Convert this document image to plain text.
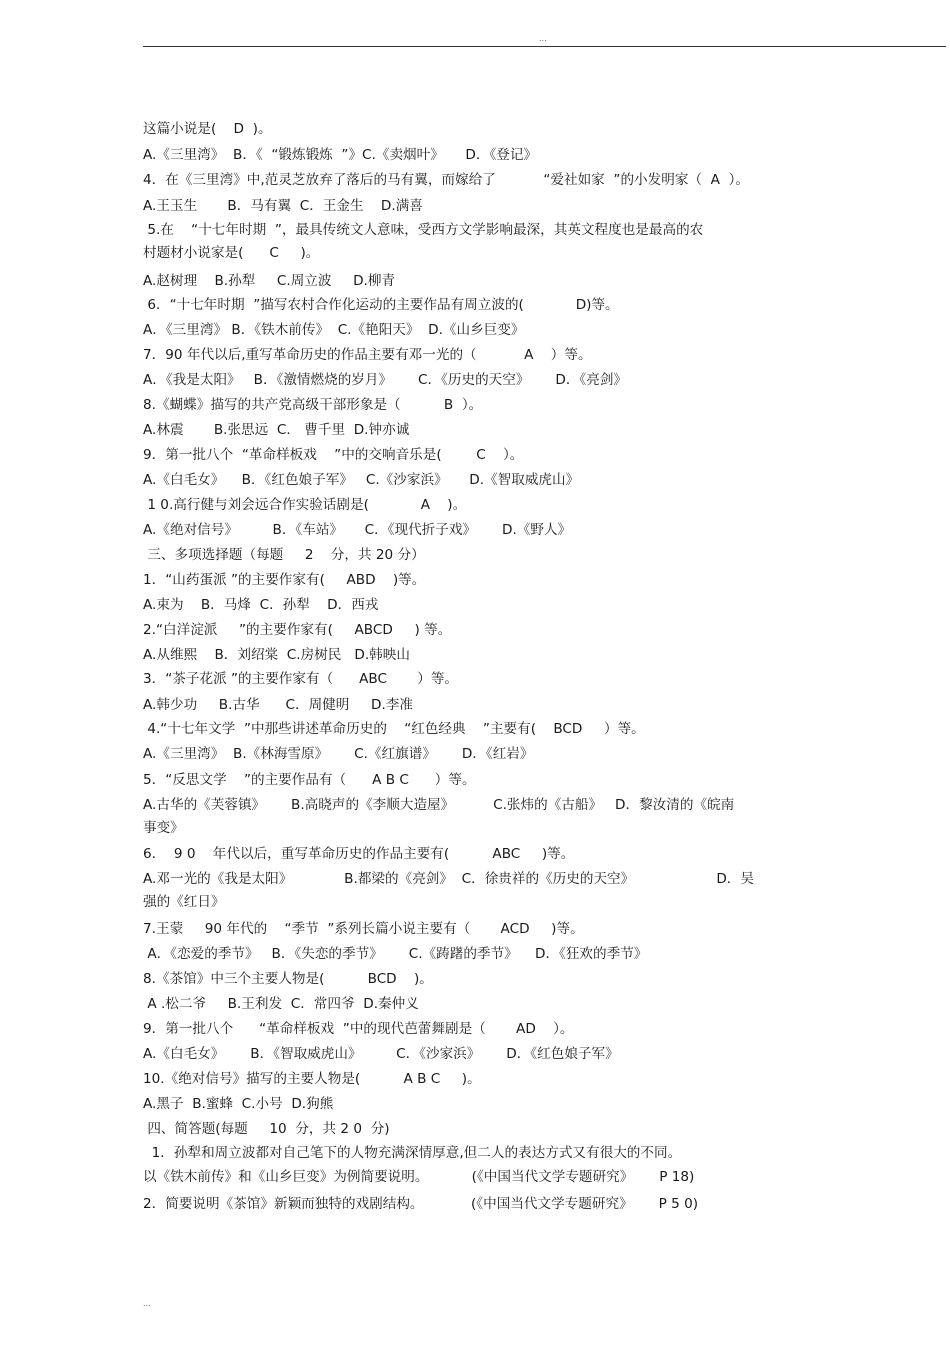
...
这篇小说是(    D  )。
A.《三里湾》  B．《  “锻炼锻炼  ”》C.《卖烟叶》     D．《登记》
4．在《三里湾》中,范灵芝放弃了落后的马有翼，而嫁给了           “爱社如家  ”的小发明家（  A  ）。
A.王玉生       B．马有翼  C．王金生    D.满喜
5.在    “十七年时期  ”，最具传统文人意味，受西方文学影响最深，其英文程度也是最高的农
村题材小说家是(      C     )。
A.赵树理    B.孙犁     C.周立波     D.柳青
6．“十七年时期  ”描写农村合作化运动的主要作品有周立波的(            D)等。
A．《三里湾》 B．《铁木前传》  C.《艳阳天》  D.《山乡巨变》
7．90 年代以后,重写革命历史的作品主要有邓一光的（           A    ）等。
A．《我是太阳》   B．《激情燃烧的岁月》      C．《历史的天空》      D．《亮剑》
8.《蝴蝶》描写的共产党高级干部形象是（          B  ）。
A.林震       B.张思远  C． 曹千里  D.钟亦诚
9．第一批八个  “革命样板戏    ”中的交响音乐是(        C    ）。
A.《白毛女》    B．《红色娘子军》   C.《沙家浜》     D.《智取威虎山》
1 0.高行健与刘会远合作实验话剧是(            A    )。
A.《绝对信号》        B．《车站》     C．《现代折子戏》      D.《野人》
三、多项选择题（每题     2    分，共 20 分）
1．“山药蛋派 ”的主要作家有(     ABD    )等。
A.束为    B．马烽  C．孙犁    D．西戎
2.“白洋淀派     ”的主要作家有(     ABCD     ) 等。
A.从维熙    B．刘绍棠  C.房树民   D.韩映山
3．“茶子花派 ”的主要作家有（      ABC       ）等。
A.韩少功     B.古华      C．周健明     D.李准
4.“十七年文学  ”中那些讲述革命历史的    “红色经典    ”主要有(    BCD     ）等。
A.《三里湾》  B.《林海雪原》      C.《红旗谱》      D．《红岩》
5．“反思文学    ”的主要作品有（      A B C      ）等。
A.古华的《芙蓉镇》      B.高晓声的《李顺大造屋》         C.张炜的《古船》   D．黎汝清的《皖南
事变》
6．  9 0    年代以后，重写革命历史的作品主要有(          ABC     )等。
A.邓一光的《我是太阳》            B.都梁的《亮剑》  C．徐贵祥的《历史的天空》                   D．吴
强的《红日》
7.王蒙     90 年代的    “季节  ”系列长篇小说主要有（       ACD     )等。
A．《恋爱的季节》   B．《失恋的季节》      C.《踌躇的季节》    D．《狂欢的季节》
8.《茶馆》中三个主要人物是(          BCD    )。
A .松二爷     B.王利发  C．常四爷  D.秦仲义
9．第一批八个      “革命样板戏  ”中的现代芭蕾舞剧是（       AD    ）。
A.《白毛女》      B．《智取威虎山》        C．《沙家浜》      D．《红色娘子军》
10.《绝对信号》描写的主要人物是(          A B C     )。
A.黑子  B.蜜蜂  C.小号  D.狗熊
四、简答题(每题     10  分，共 2 0  分)
1．孙犁和周立波都对自己笔下的人物充满深情厚意,但二人的表达方式又有很大的不同。
以《铁木前传》和《山乡巨变》为例简要说明。          (《中国当代文学专题研究》      P 18)
2．简要说明《茶馆》新颖而独特的戏剧结构。           (《中国当代文学专题研究》      P 5 0)
...
